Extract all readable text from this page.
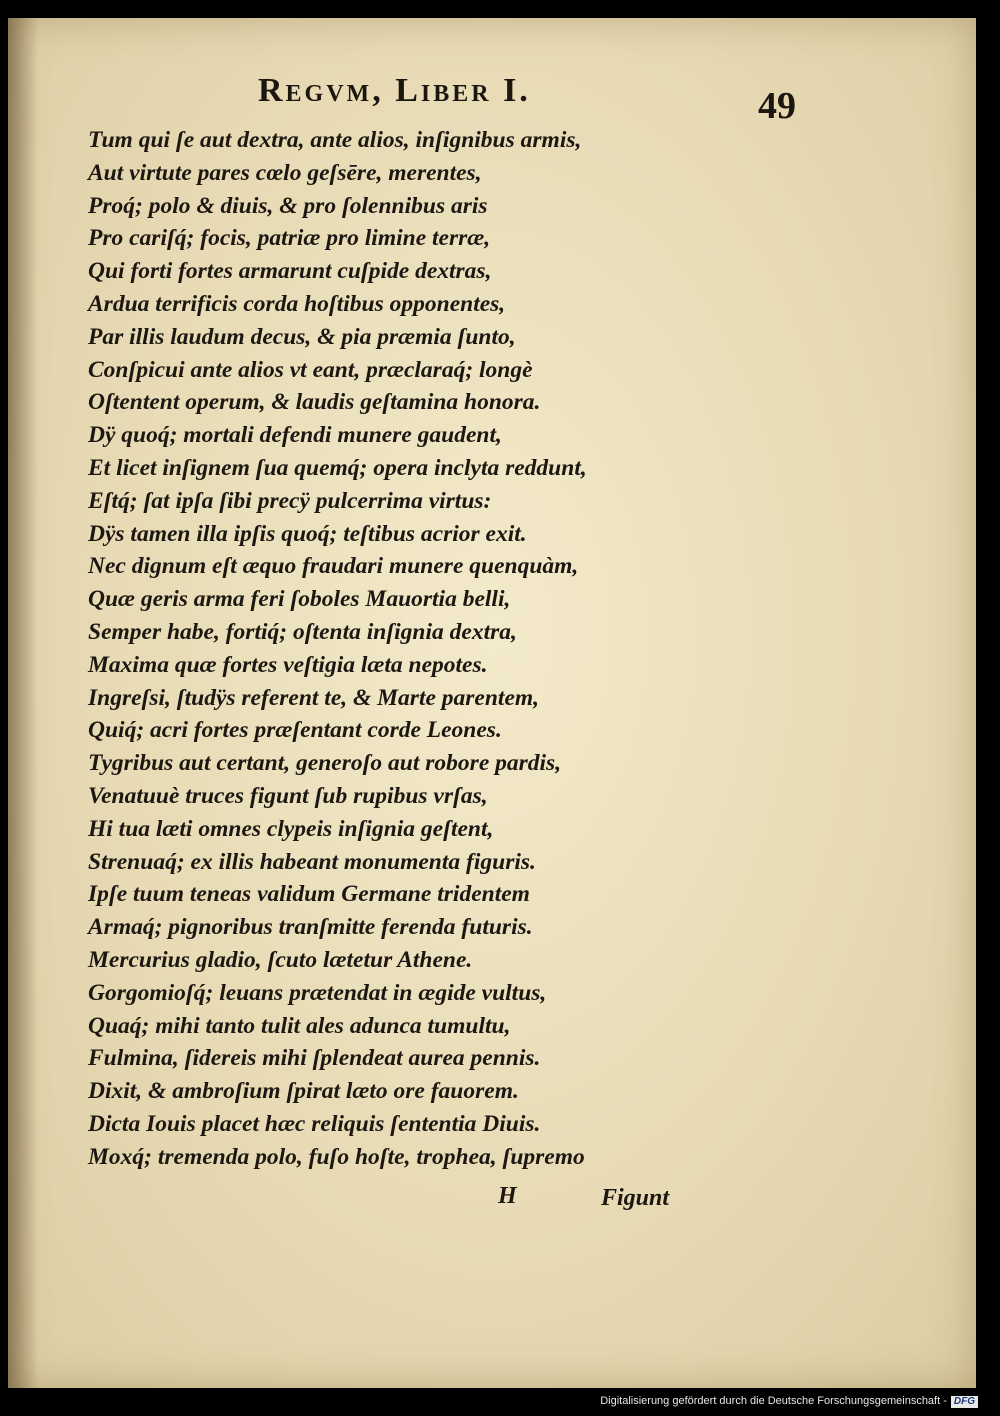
Regvm, Liber I.	49
Tum qui ſe aut dextra, ante alios, inſignibus armis,
Aut virtute pares cœlo geſsēre, merentes,
Proq́; polo & diuis, & pro ſolennibus aris
Pro cariſq́; focis, patriæ pro limine terræ,
Qui forti fortes armarunt cuſpide dextras,
Ardua terrificis corda hoſtibus opponentes,
Par illis laudum decus, & pia præmia ſunto,
Conſpicui ante alios vt eant, præclaraq́; longè
Oſtentent operum, & laudis geſtamina honora.
Dÿ quoq́; mortali defendi munere gaudent,
Et licet inſignem ſua quemq́; opera inclyta reddunt,
Eſtq́; ſat ipſa ſibi precÿ pulcerrima virtus:
Dÿs tamen illa ipſis quoq́; teſtibus acrior exit.
Nec dignum eſt æquo fraudari munere quenquàm,
Quæ geris arma feri ſoboles Mauortia belli,
Semper habe, fortiq́; oſtenta inſignia dextra,
Maxima quæ fortes veſtigia læta nepotes.
Ingreſsi, ſtudÿs referent te, & Marte parentem,
Quiq́; acri fortes præſentant corde Leones.
Tygribus aut certant, generoſo aut robore pardis,
Venatuuè truces figunt ſub rupibus vrſas,
Hi tua læti omnes clypeis inſignia geſtent,
Strenuaq́; ex illis habeant monumenta figuris.
Ipſe tuum teneas validum Germane tridentem
Armaq́; pignoribus tranſmitte ferenda futuris.
Mercurius gladio, ſcuto lætetur Athene.
Gorgomioſq́; leuans prætendat in ægide vultus,
Quaq́; mihi tanto tulit ales adunca tumultu,
Fulmina, ſidereis mihi ſplendeat aurea pennis.
Dixit, & ambroſium ſpirat læto ore fauorem.
Dicta Iouis placet hæc reliquis ſententia Diuis.
Moxq́; tremenda polo, fuſo hoſte, trophea, ſupremo
H	Figunt
Digitalisierung gefördert durch die Deutsche Forschungsgemeinschaft - DFG
